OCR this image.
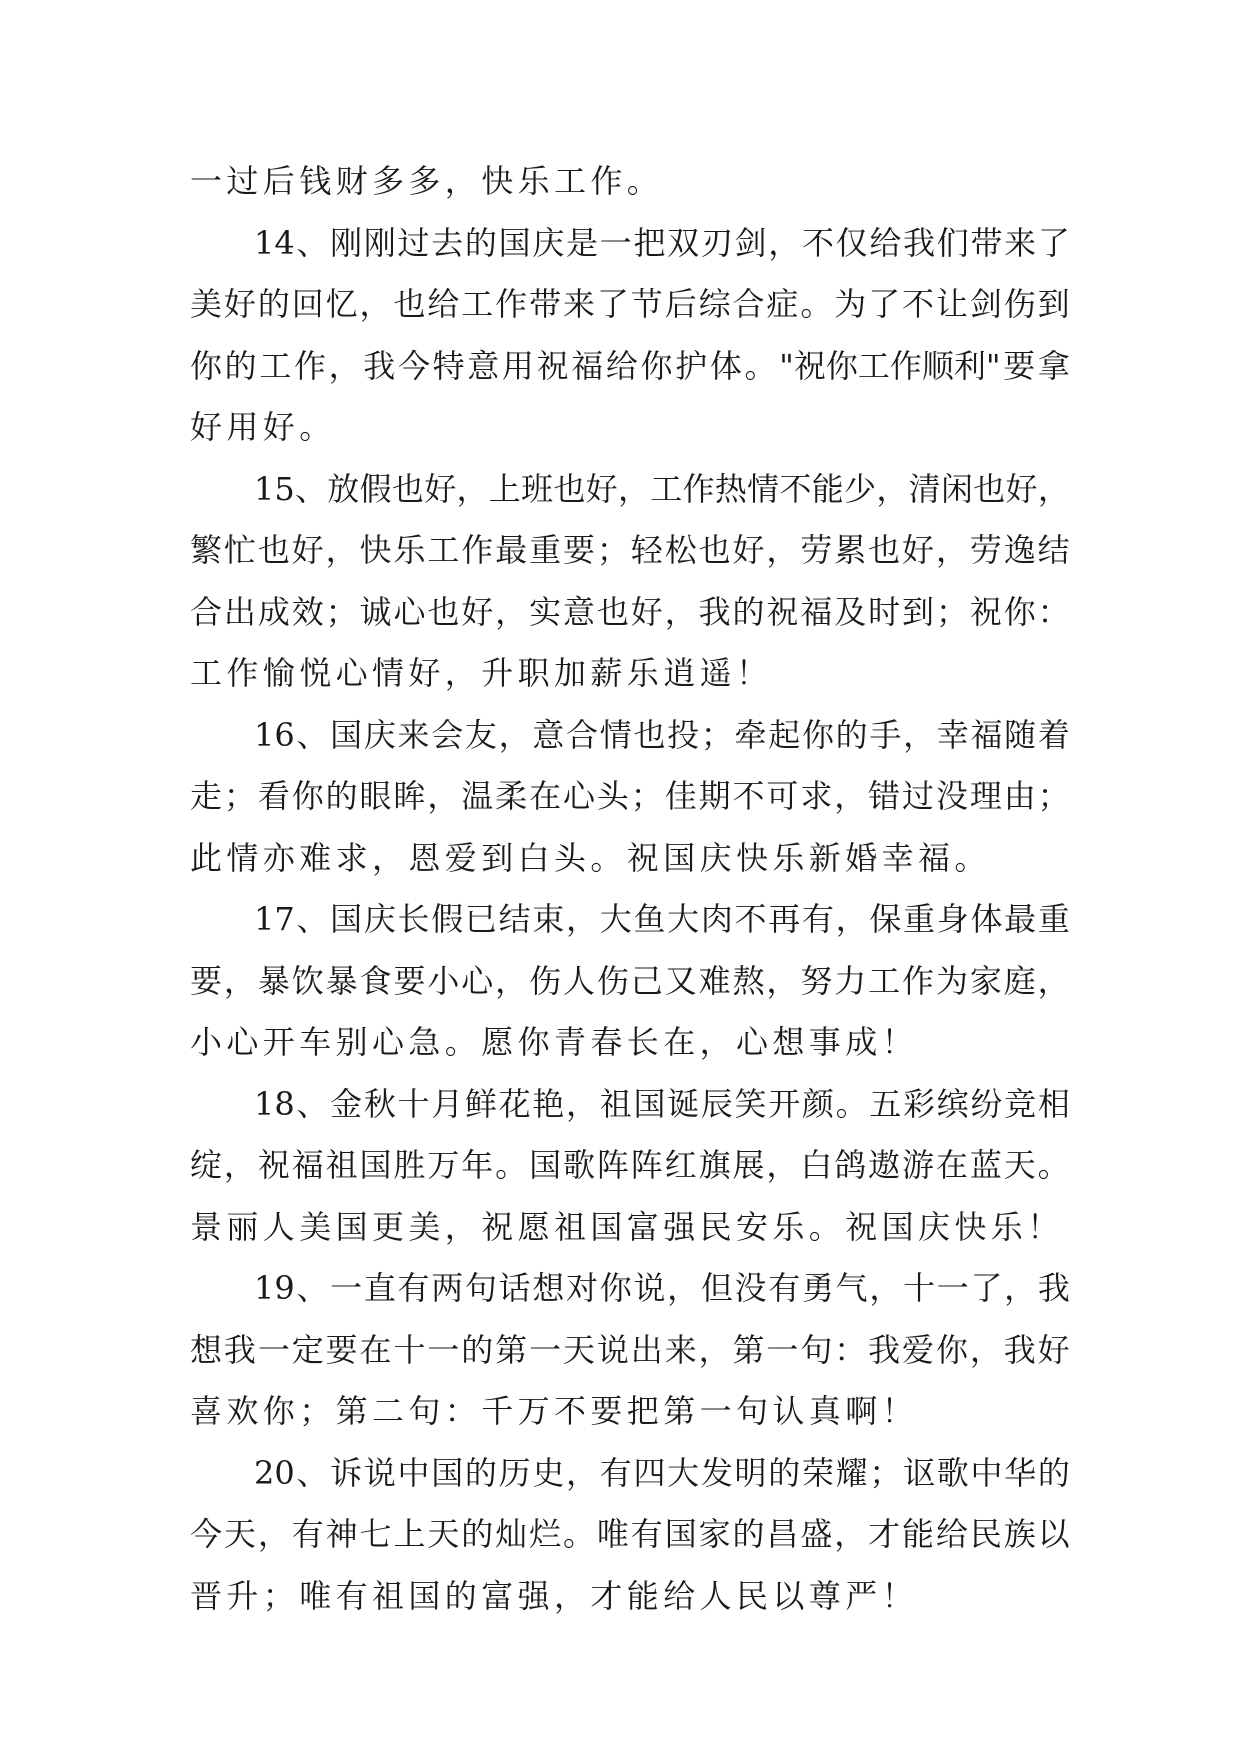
一过后钱财多多，快乐工作。
14 、 刚 刚 过 去 的 国 庆 是 一 把 双 刃 剑 ， 不 仅 给 我 们 带 来 了
美 好 的 回 忆 ， 也 给 工 作 带 来 了 节 后 综 合 症 。 为 了 不 让 剑 伤 到
你 的 工 作 ， 我 今 特 意 用 祝 福 给 你 护 体 。 "祝你工作顺利" 要 拿
好用好。
15 、 放 假 也 好 ， 上 班 也 好 ， 工 作 热 情 不 能 少 ， 清 闲 也 好 ，
繁 忙 也 好 ， 快 乐 工 作 最 重 要 ； 轻 松 也 好 ， 劳 累 也 好 ， 劳 逸 结
合 出 成 效 ； 诚 心 也 好 ， 实 意 也 好 ， 我 的 祝 福 及 时 到 ； 祝 你 ：
工作愉悦心情好，升职加薪乐逍遥！
16 、 国 庆 来 会 友 ， 意 合 情 也 投 ； 牵 起 你 的 手 ， 幸 福 随 着
走 ； 看 你 的 眼 眸 ， 温 柔 在 心 头 ； 佳 期 不 可 求 ， 错 过 没 理 由 ；
此情亦难求，恩爱到白头。祝国庆快乐新婚幸福。
17 、 国 庆 长 假 已 结 束 ， 大 鱼 大 肉 不 再 有 ， 保 重 身 体 最 重
要 ， 暴 饮 暴 食 要 小 心 ， 伤 人 伤 己 又 难 熬 ， 努 力 工 作 为 家 庭 ，
小心开车别心急。愿你青春长在，心想事成！
18 、 金 秋 十 月 鲜 花 艳 ， 祖 国 诞 辰 笑 开 颜 。 五 彩 缤 纷 竞 相
绽 ， 祝 福 祖 国 胜 万 年 。 国 歌 阵 阵 红 旗 展 ， 白 鸽 遨 游 在 蓝 天 。
景丽人美国更美，祝愿祖国富强民安乐。祝国庆快乐！
19 、 一 直 有 两 句 话 想 对 你 说 ， 但 没 有 勇 气 ， 十 一 了 ， 我
想 我 一 定 要 在 十 一 的 第 一 天 说 出 来 ， 第 一 句 ： 我 爱 你 ， 我 好
喜欢你；第二句：千万不要把第一句认真啊！
20 、 诉 说 中 国 的 历 史 ， 有 四 大 发 明 的 荣 耀 ； 讴 歌 中 华 的
今 天 ， 有 神 七 上 天 的 灿 烂 。 唯 有 国 家 的 昌 盛 ， 才 能 给 民 族 以
晋升；唯有祖国的富强，才能给人民以尊严！
